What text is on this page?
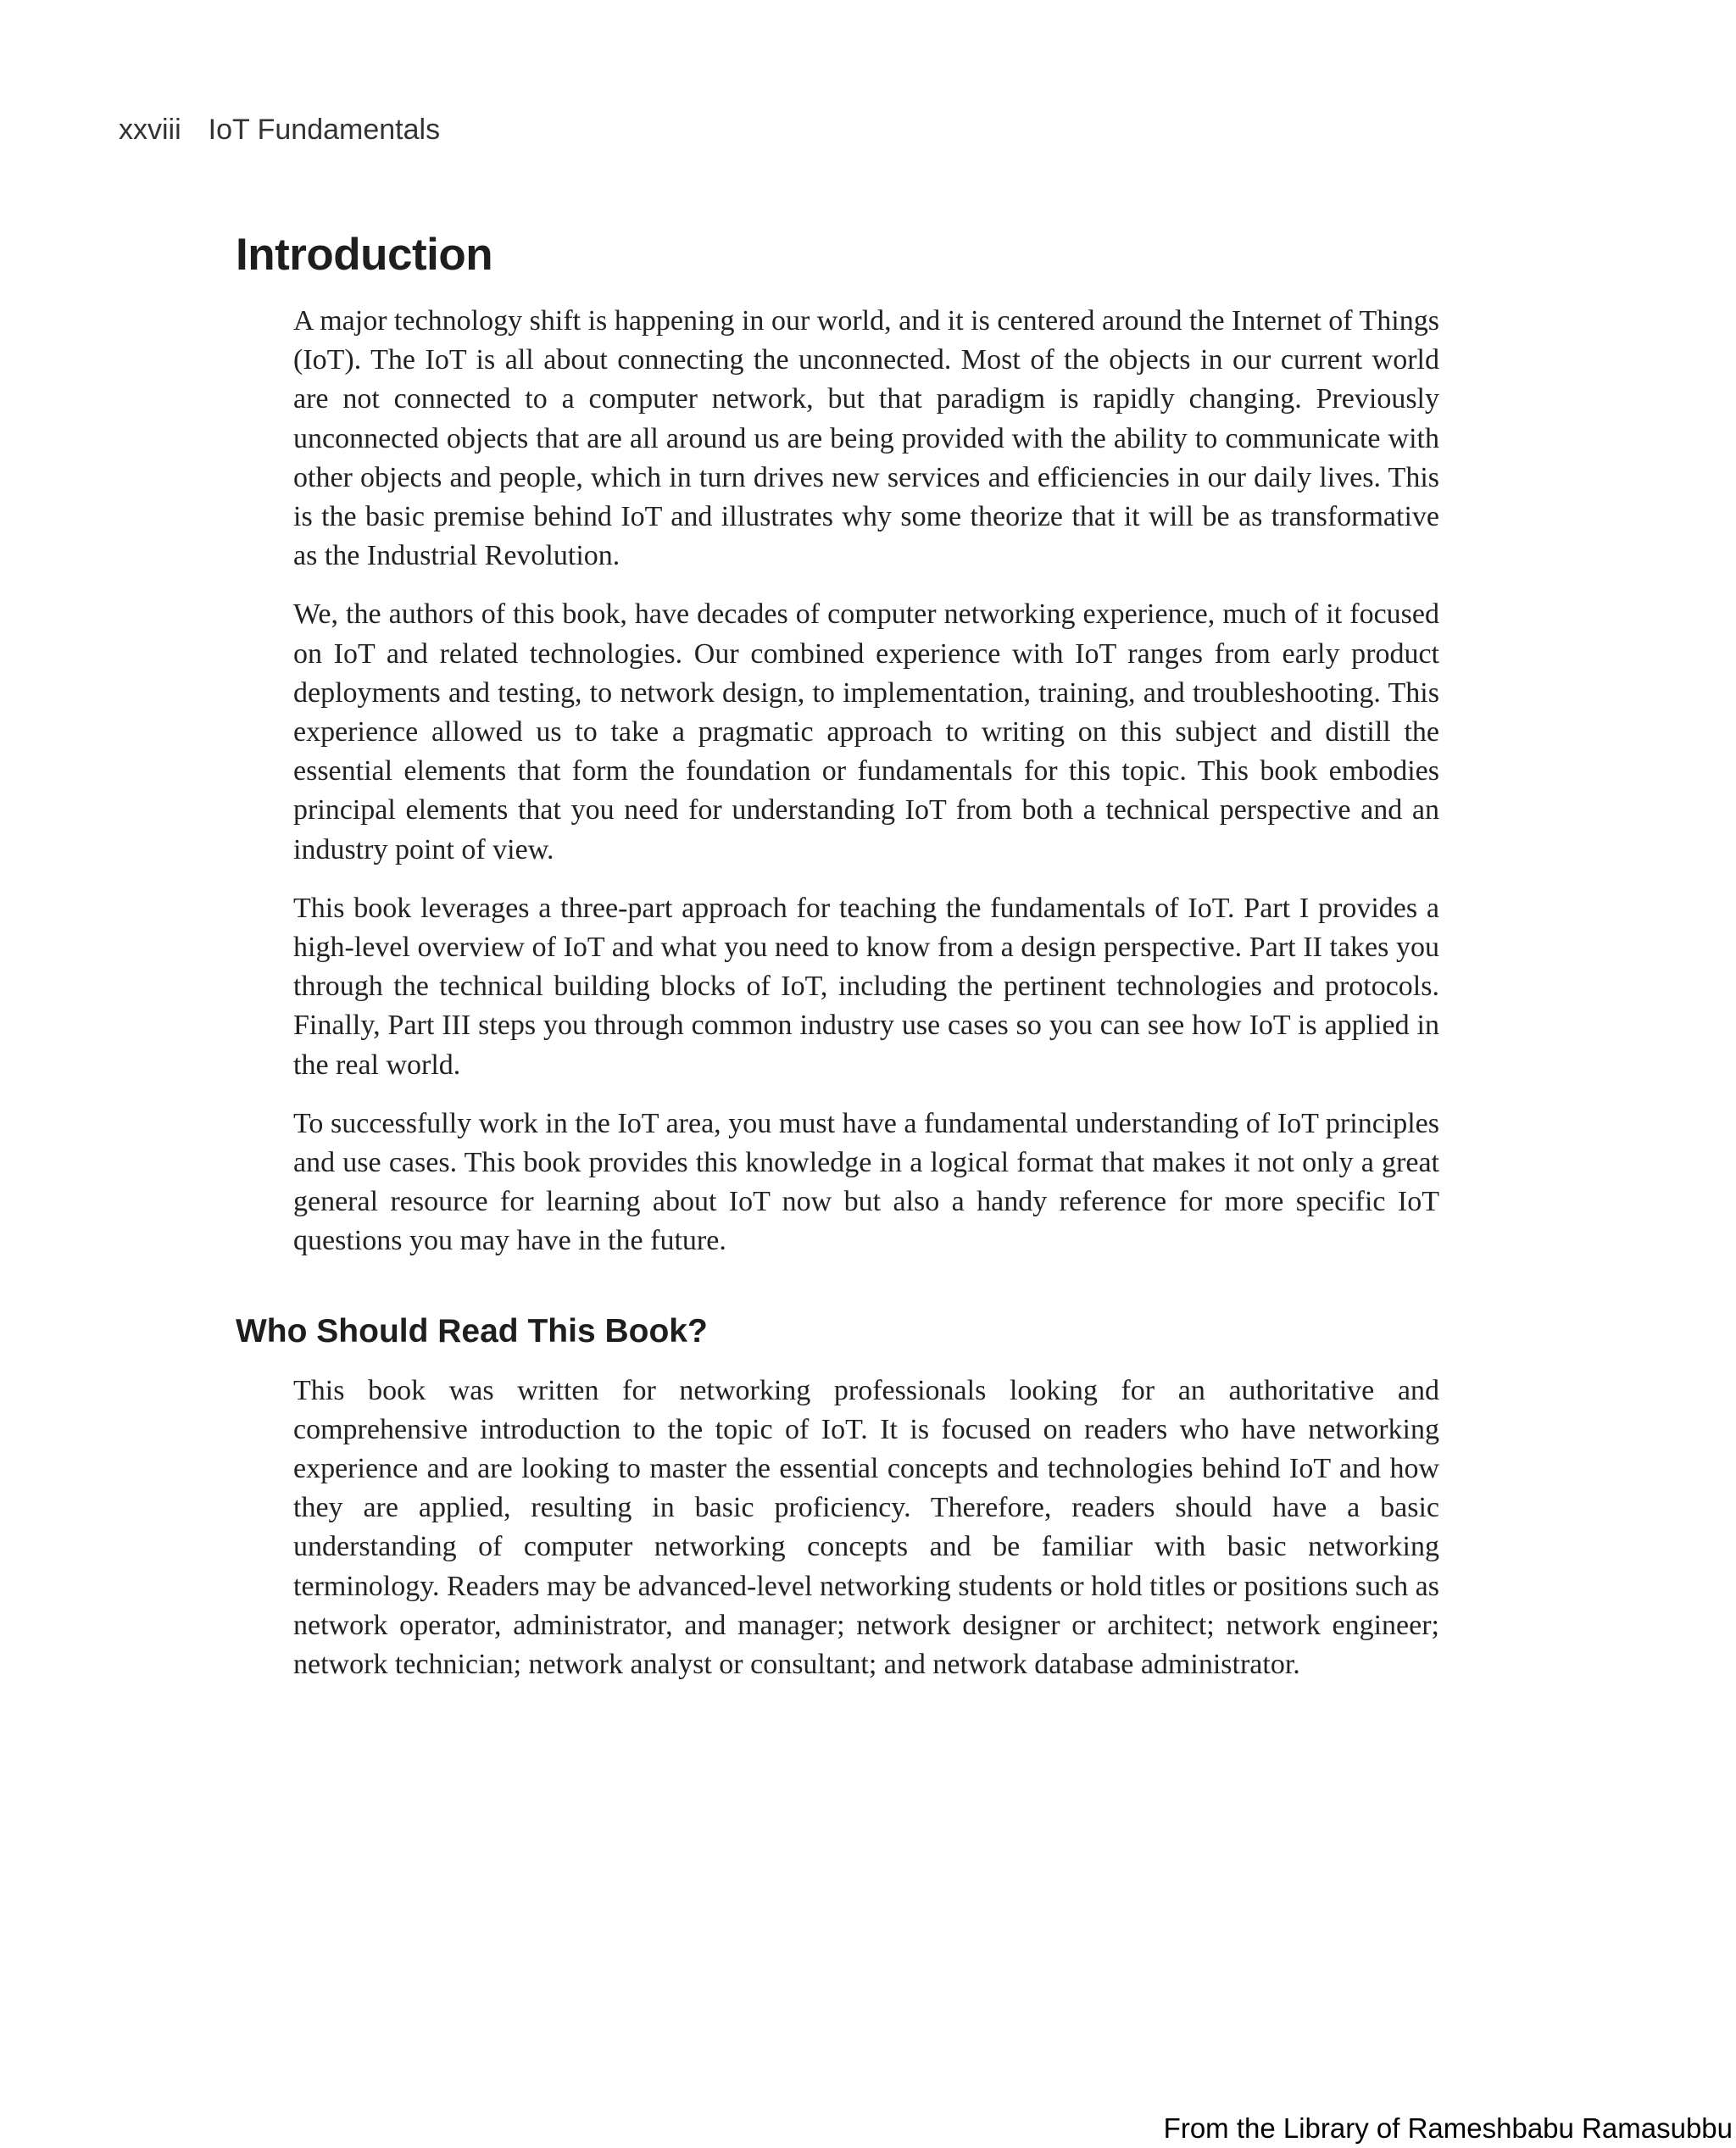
xxviii IoT Fundamentals
Introduction

A major technology shift is happening in our world, and it is centered around the Internet of Things (IoT). The IoT is all about connecting the unconnected. Most of the objects in our current world are not connected to a computer network, but that paradigm is rapidly changing. Previously unconnected objects that are all around us are being provided with the ability to communicate with other objects and people, which in turn drives new services and efficiencies in our daily lives. This is the basic premise behind IoT and illustrates why some theorize that it will be as transformative as the Industrial Revolution.

We, the authors of this book, have decades of computer networking experience, much of it focused on IoT and related technologies. Our combined experience with IoT ranges from early product deployments and testing, to network design, to implementation, training, and troubleshooting. This experience allowed us to take a pragmatic approach to writing on this subject and distill the essential elements that form the foundation or fundamentals for this topic. This book embodies principal elements that you need for understanding IoT from both a technical perspective and an industry point of view.

This book leverages a three-part approach for teaching the fundamentals of IoT. Part I provides a high-level overview of IoT and what you need to know from a design perspective. Part II takes you through the technical building blocks of IoT, including the pertinent technologies and protocols. Finally, Part III steps you through common industry use cases so you can see how IoT is applied in the real world.

To successfully work in the IoT area, you must have a fundamental understanding of IoT principles and use cases. This book provides this knowledge in a logical format that makes it not only a great general resource for learning about IoT now but also a handy reference for more specific IoT questions you may have in the future.

Who Should Read This Book?

This book was written for networking professionals looking for an authoritative and comprehensive introduction to the topic of IoT. It is focused on readers who have networking experience and are looking to master the essential concepts and technologies behind IoT and how they are applied, resulting in basic proficiency. Therefore, readers should have a basic understanding of computer networking concepts and be familiar with basic networking terminology. Readers may be advanced-level networking students or hold titles or positions such as network operator, administrator, and manager; network designer or architect; network engineer; network technician; network analyst or consultant; and network database administrator.

From the Library of Rameshbabu Ramasubbu
